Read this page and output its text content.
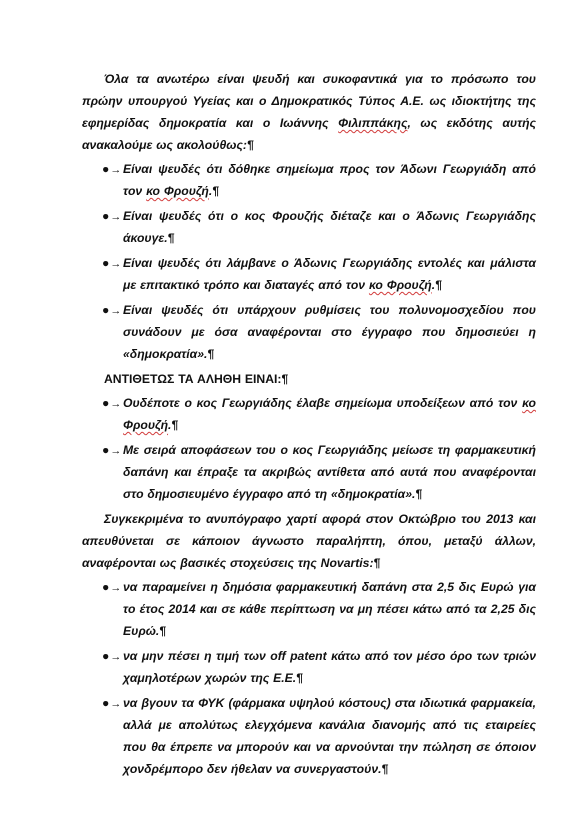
Όλα τα ανωτέρω είναι ψευδή και συκοφαντικά για το πρόσωπο του πρώην υπουργού Υγείας και ο Δημοκρατικός Τύπος Α.Ε. ως ιδιοκτήτης της εφημερίδας δημοκρατία και ο Ιωάννης Φιλιππάκης, ως εκδότης αυτής ανακαλούμε ως ακολούθως:¶

●→ Είναι ψευδές ότι δόθηκε σημείωμα προς τον Άδωνι Γεωργιάδη από τον κο Φρουζή.¶
●→ Είναι ψευδές ότι ο κος Φρουζής διέταζε και ο Άδωνις Γεωργιάδης άκουγε.¶
●→ Είναι ψευδές ότι λάμβανε ο Άδωνις Γεωργιάδης εντολές και μάλιστα με επιτακτικό τρόπο και διαταγές από τον κο Φρουζή.¶
●→ Είναι ψευδές ότι υπάρχουν ρυθμίσεις του πολυνομοσχεδίου που συνάδουν με όσα αναφέρονται στο έγγραφο που δημοσιεύει η «δημοκρατία».¶

ΑΝΤΙΘΕΤΩΣ ΤΑ ΑΛΗΘΗ ΕΙΝΑΙ:¶

●→ Ουδέποτε ο κος Γεωργιάδης έλαβε σημείωμα υποδείξεων από τον κο Φρουζή.¶
●→ Με σειρά αποφάσεων του ο κος Γεωργιάδης μείωσε τη φαρμακευτική δαπάνη και έπραξε τα ακριβώς αντίθετα από αυτά που αναφέρονται στο δημοσιευμένο έγγραφο από τη «δημοκρατία».¶

Συγκεκριμένα το ανυπόγραφο χαρτί αφορά στον Οκτώβριο του 2013 και απευθύνεται σε κάποιον άγνωστο παραλήπτη, όπου, μεταξύ άλλων, αναφέρονται ως βασικές στοχεύσεις της Novartis:¶

●→ να παραμείνει η δημόσια φαρμακευτική δαπάνη στα 2,5 δις Ευρώ για το έτος 2014 και σε κάθε περίπτωση να μη πέσει κάτω από τα 2,25 δις Ευρώ.¶
●→ να μην πέσει η τιμή των off patent κάτω από τον μέσο όρο των τριών χαμηλοτέρων χωρών της Ε.Ε.¶
●→ να βγουν τα ΦΥΚ (φάρμακα υψηλού κόστους) στα ιδιωτικά φαρμακεία, αλλά με απολύτως ελεγχόμενα κανάλια διανομής από τις εταιρείες που θα έπρεπε να μπορούν και να αρνούνται την πώληση σε όποιον χονδρέμπορο δεν ήθελαν να συνεργαστούν.¶
